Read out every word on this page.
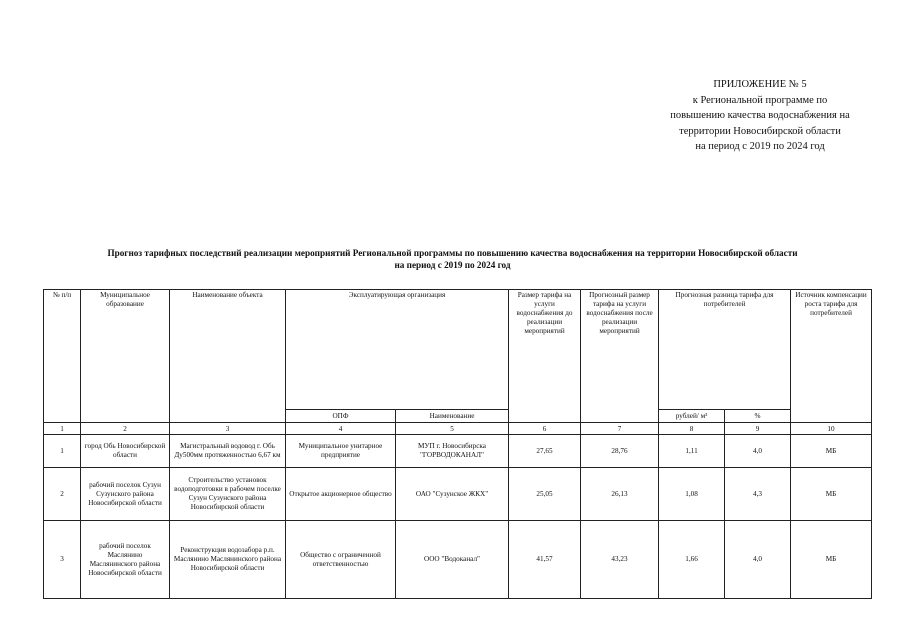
ПРИЛОЖЕНИЕ № 5
к Региональной программе по
повышению качества водоснабжения на
территории Новосибирской области
на период с 2019 по 2024 год
Прогноз тарифных последствий реализации мероприятий Региональной программы по повышению качества водоснабжения на территории Новосибирской области
на период с 2019 по 2024 год
№ п/п	Муниципальное образование	Наименование объекта	Эксплуатирующая организация		Размер тарифа на услуги водоснабжения до реализации мероприятий	Прогнозный размер тарифа на услуги водоснабжения после реализации мероприятий	Прогнозная разница тарифа для потребителей		Источник компенсации роста тарифа для потребителей
			ОПФ	Наименование			рублей/ м³	%	
1	2	3	4	5	6	7	8	9	10
1	город Обь Новосибирской области	Магистральный водовод г. Обь Ду500мм протяженностью 6,67 км	Муниципальное унитарное предприятие	МУП г. Новосибирска "ГОРВОДОКАНАЛ"	27,65	28,76	1,11	4,0	МБ
2	рабочий поселок Сузун Сузунского района Новосибирской области	Строительство установок водоподготовки в рабочем поселке Сузун Сузунского района Новосибирской области	Открытое акционерное общество	ОАО "Сузунское ЖКХ"	25,05	26,13	1,08	4,3	МБ
3	рабочий поселок Маслянино Маслянинского района Новосибирской области	Реконструкция водозабора р.п. Маслянино Маслянинского района Новосибирской области	Общество с ограниченной ответственностью	ООО "Водоканал"	41,57	43,23	1,66	4,0	МБ
